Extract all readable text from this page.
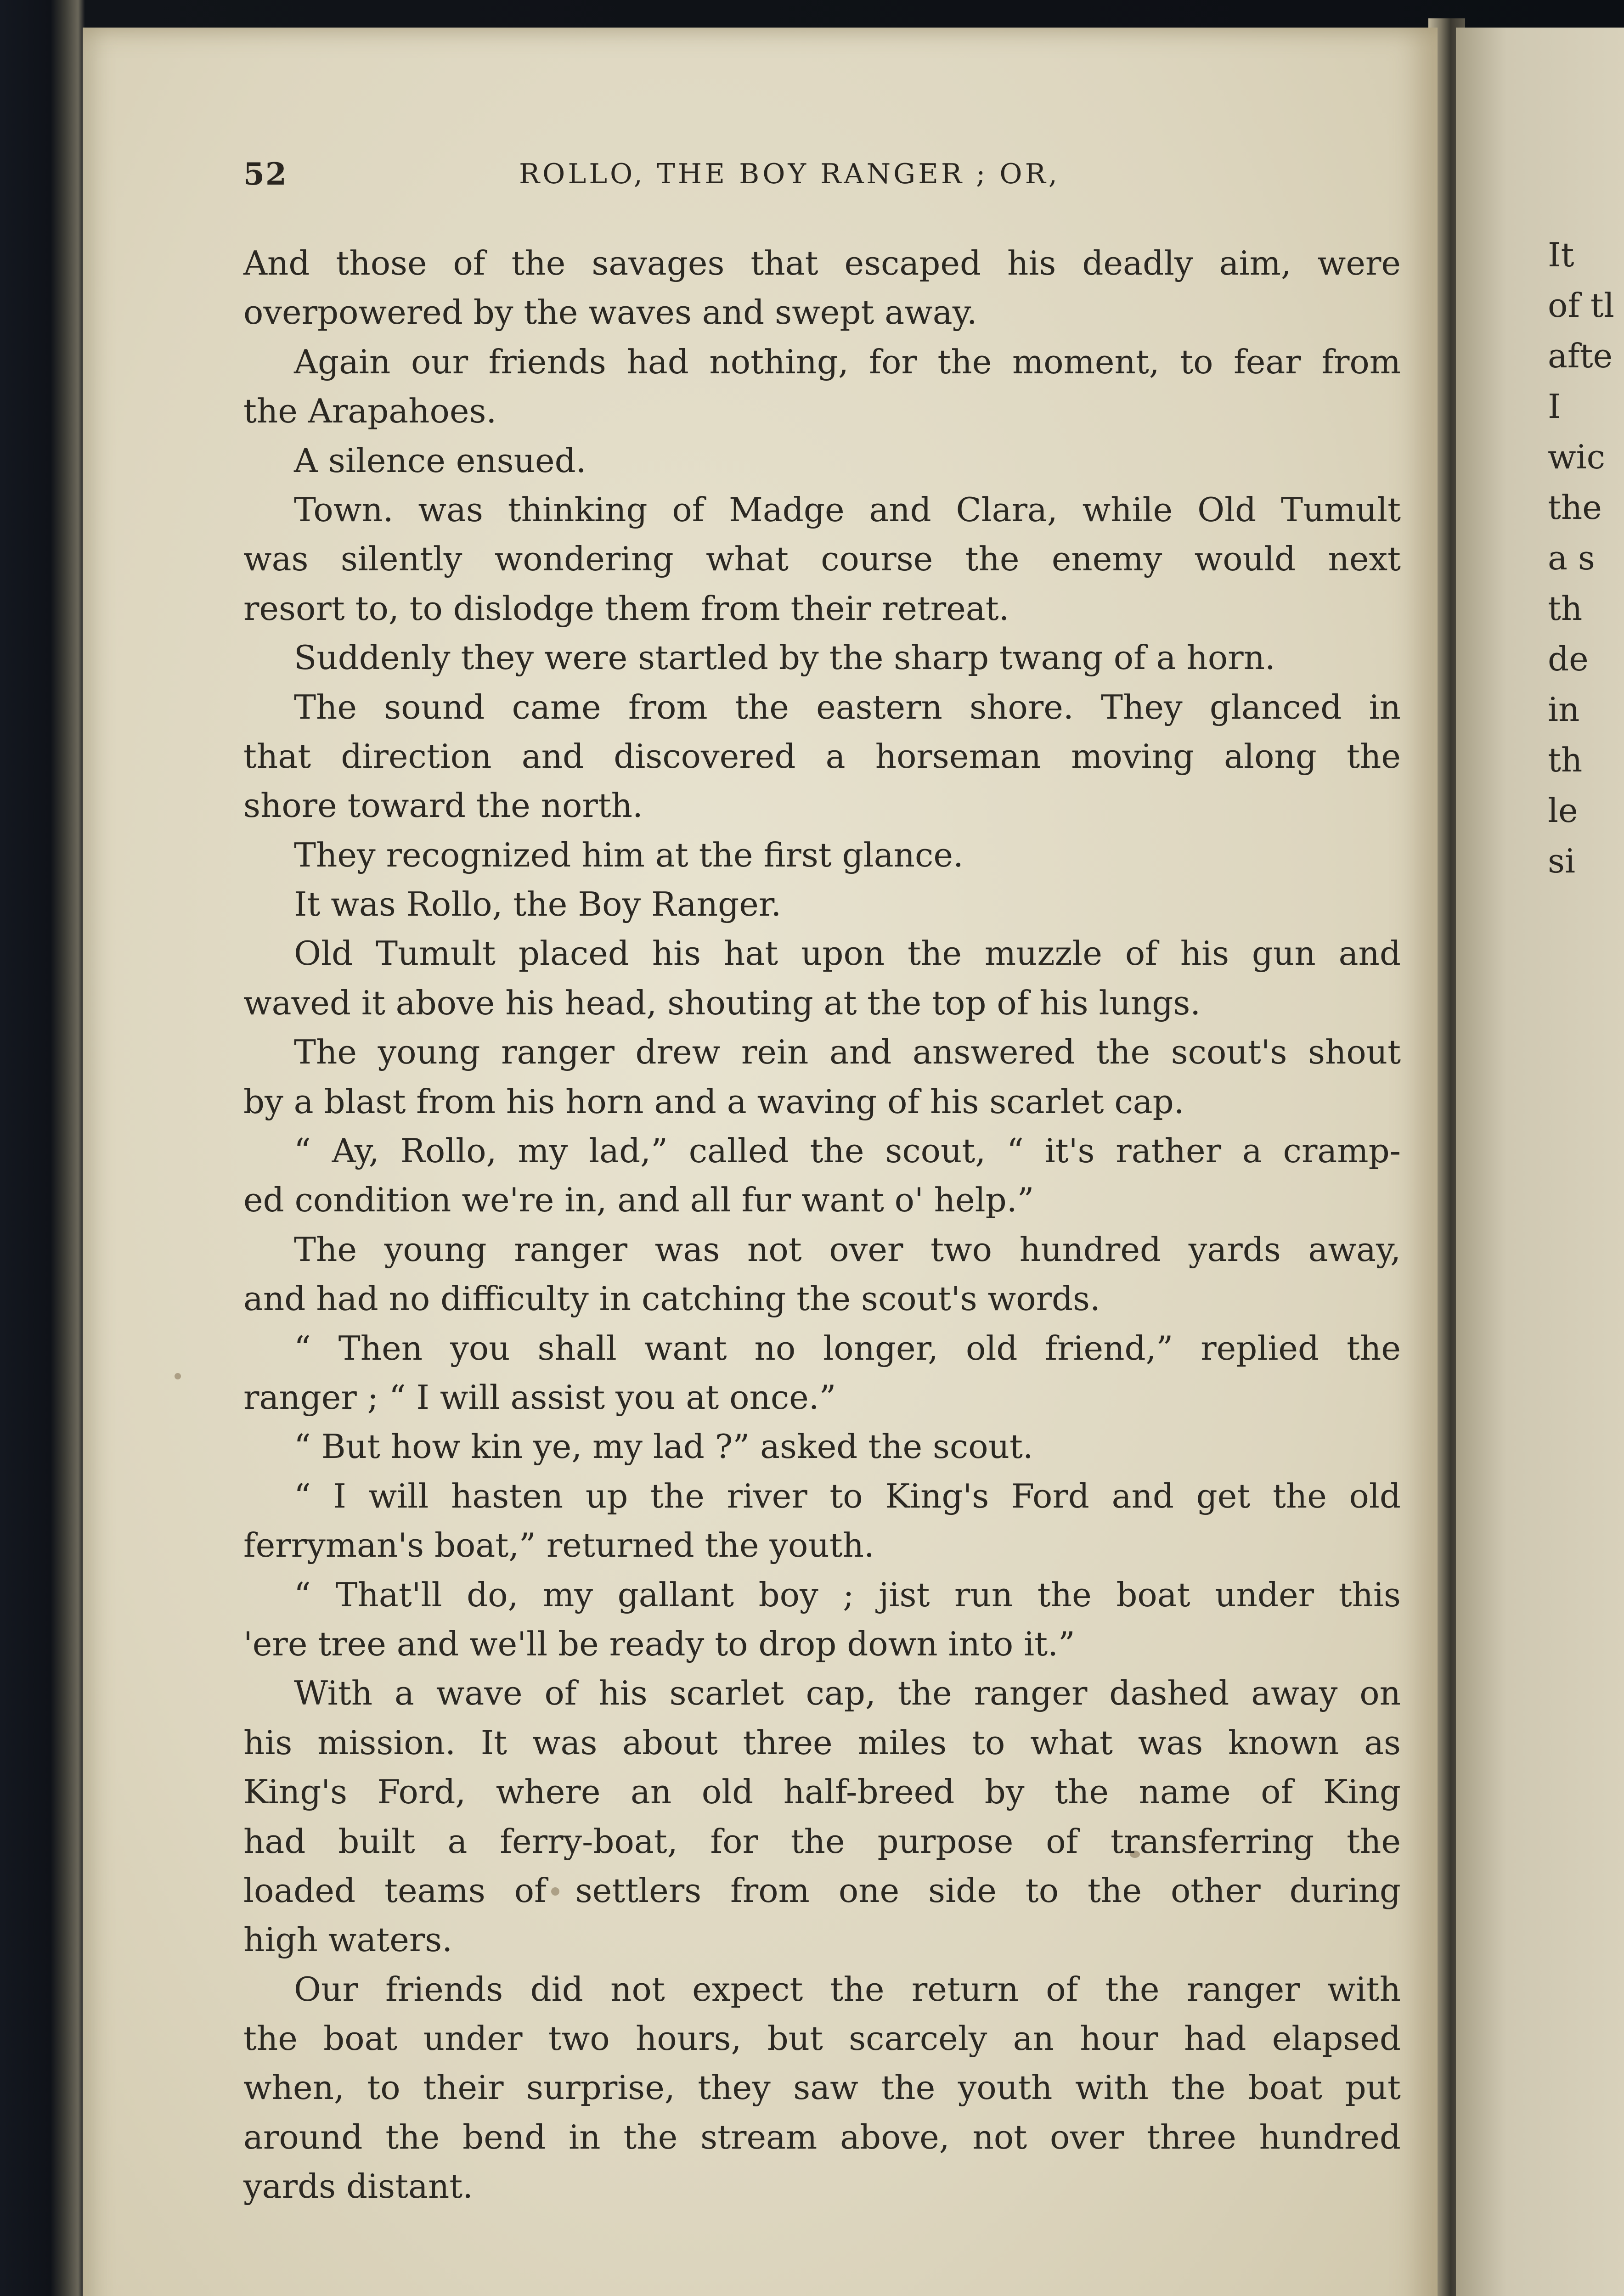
52	ROLLO, THE BOY RANGER ; OR,
And those of the savages that escaped his deadly aim, were
overpowered by the waves and swept away.
Again our friends had nothing, for the moment, to fear from
the Arapahoes.
A silence ensued.
Town. was thinking of Madge and Clara, while Old Tumult
was silently wondering what course the enemy would next
resort to, to dislodge them from their retreat.
Suddenly they were startled by the sharp twang of a horn.
The sound came from the eastern shore. They glanced in
that direction and discovered a horseman moving along the
shore toward the north.
They recognized him at the first glance.
It was Rollo, the Boy Ranger.
Old Tumult placed his hat upon the muzzle of his gun and
waved it above his head, shouting at the top of his lungs.
The young ranger drew rein and answered the scout's shout
by a blast from his horn and a waving of his scarlet cap.
“ Ay, Rollo, my lad,” called the scout, “ it's rather a cramp-
ed condition we're in, and all fur want o' help.”
The young ranger was not over two hundred yards away,
and had no difficulty in catching the scout's words.
“ Then you shall want no longer, old friend,” replied the
ranger ; “ I will assist you at once.”
“ But how kin ye, my lad ?” asked the scout.
“ I will hasten up the river to King's Ford and get the old
ferryman's boat,” returned the youth.
“ That'll do, my gallant boy ; jist run the boat under this
'ere tree and we'll be ready to drop down into it.”
With a wave of his scarlet cap, the ranger dashed away on
his mission. It was about three miles to what was known as
King's Ford, where an old half-breed by the name of King
had built a ferry-boat, for the purpose of transferring the
loaded teams of settlers from one side to the other during
high waters.
Our friends did not expect the return of the ranger with
the boat under two hours, but scarcely an hour had elapsed
when, to their surprise, they saw the youth with the boat put
around the bend in the stream above, not over three hundred
yards distant.
It
of tl
afte
I
wic
the
a s
th
de
in
th
le
si
